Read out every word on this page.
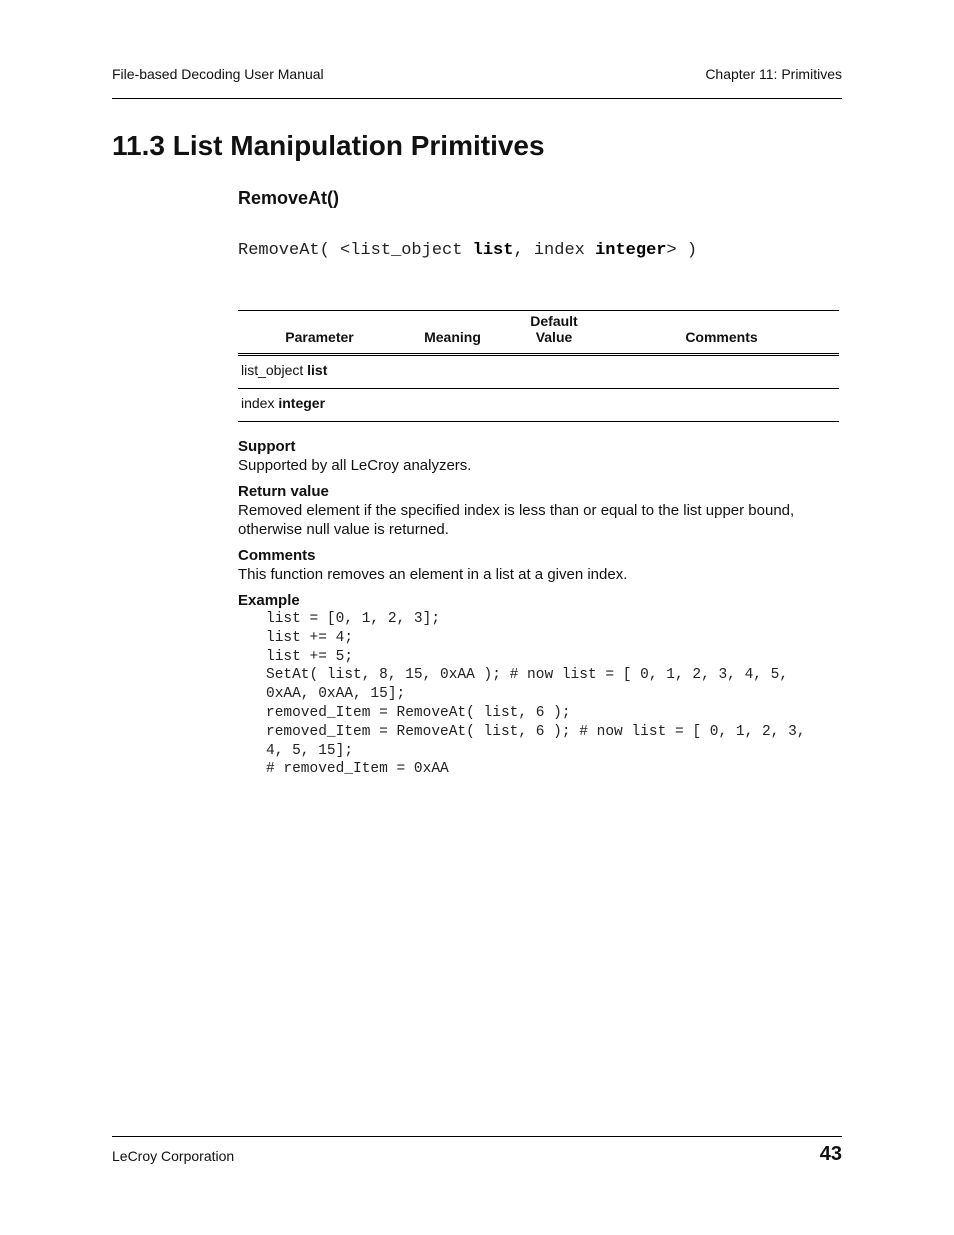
File-based Decoding User Manual	Chapter 11: Primitives
11.3 List Manipulation Primitives
RemoveAt()
RemoveAt( <list_object list, index integer> )
Parameter	Meaning	Default Value	Comments
list_object list			
index integer			
Support
Supported by all LeCroy analyzers.
Return value
Removed element if the specified index is less than or equal to the list upper bound, otherwise null value is returned.
Comments
This function removes an element in a list at a given index.
Example
list = [0, 1, 2, 3];
list += 4;
list += 5;
SetAt( list, 8, 15, 0xAA ); # now list = [ 0, 1, 2, 3, 4, 5,
0xAA, 0xAA, 15];
removed_Item = RemoveAt( list, 6 );
removed_Item = RemoveAt( list, 6 ); # now list = [ 0, 1, 2, 3,
4, 5, 15];
# removed_Item = 0xAA
LeCroy Corporation	43
